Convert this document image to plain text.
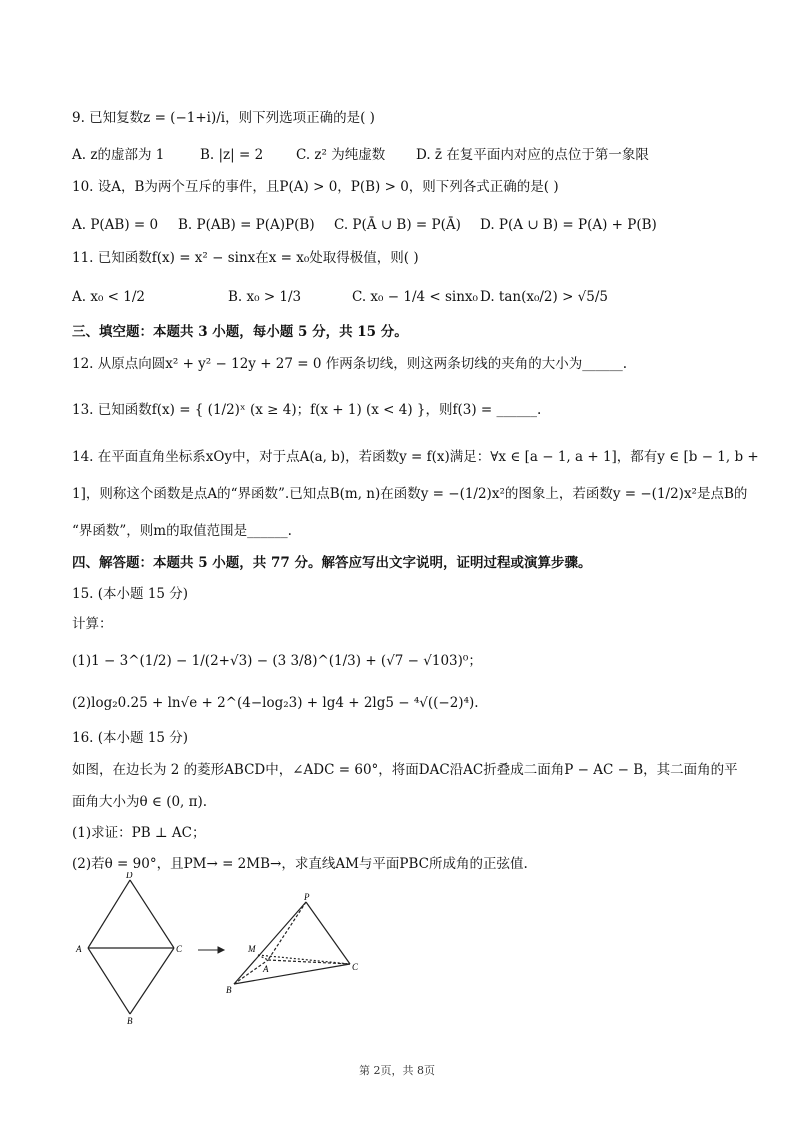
9. 已知复数z = (−1+i)/i，则下列选项正确的是( )
A. z的虚部为 1	B. |z| = 2 C. z² 为纯虚数 D. z̄ 在复平面内对应的点位于第一象限
10. 设A，B为两个互斥的事件，且P(A) > 0，P(B) > 0，则下列各式正确的是( )
A. P(AB) = 0 B. P(AB) = P(A)P(B) C. P(Ā ∪ B) = P(Ā) D. P(A ∪ B) = P(A) + P(B)
11. 已知函数f(x) = x² − sinx在x = x₀处取得极值，则( )
A. x₀ < 1/2	B. x₀ > 1/3	C. x₀ − 1/4 < sinx₀ D. tan(x₀/2) > √5/5
三、填空题：本题共 3 小题，每小题 5 分，共 15 分。
12. 从原点向圆x² + y² − 12y + 27 = 0 作两条切线，则这两条切线的夹角的大小为______.
13. 已知函数f(x) = { (1/2)ˣ (x ≥ 4)；f(x + 1) (x < 4) }，则f(3) = ______.
14. 在平面直角坐标系xOy中，对于点A(a, b)，若函数y = f(x)满足：∀x ∈ [a − 1, a + 1]，都有y ∈ [b − 1, b +
1]，则称这个函数是点A的“界函数”.已知点B(m, n)在函数y = −(1/2)x²的图象上，若函数y = −(1/2)x²是点B的
“界函数”，则m的取值范围是______.
四、解答题：本题共 5 小题，共 77 分。解答应写出文字说明，证明过程或演算步骤。
15. (本小题 15 分)
计算：
(1)1 − 3^(1/2) − 1/(2+√3) − (3 3/8)^(1/3) + (√7 − √103)⁰；
(2)log₂0.25 + ln√e + 2^(4−log₂3) + lg4 + 2lg5 − ⁴√((−2)⁴).
16. (本小题 15 分)
如图，在边长为 2 的菱形ABCD中，∠ADC = 60°，将面DAC沿AC折叠成二面角P − AC − B，其二面角的平
面角大小为θ ∈ (0, π).
(1)求证：PB ⊥ AC；
(2)若θ = 90°，且PM→ = 2MB→，求直线AM与平面PBC所成角的正弦值.
D
A	C
B
P
M
A
B
C
第 2页，共 8页
